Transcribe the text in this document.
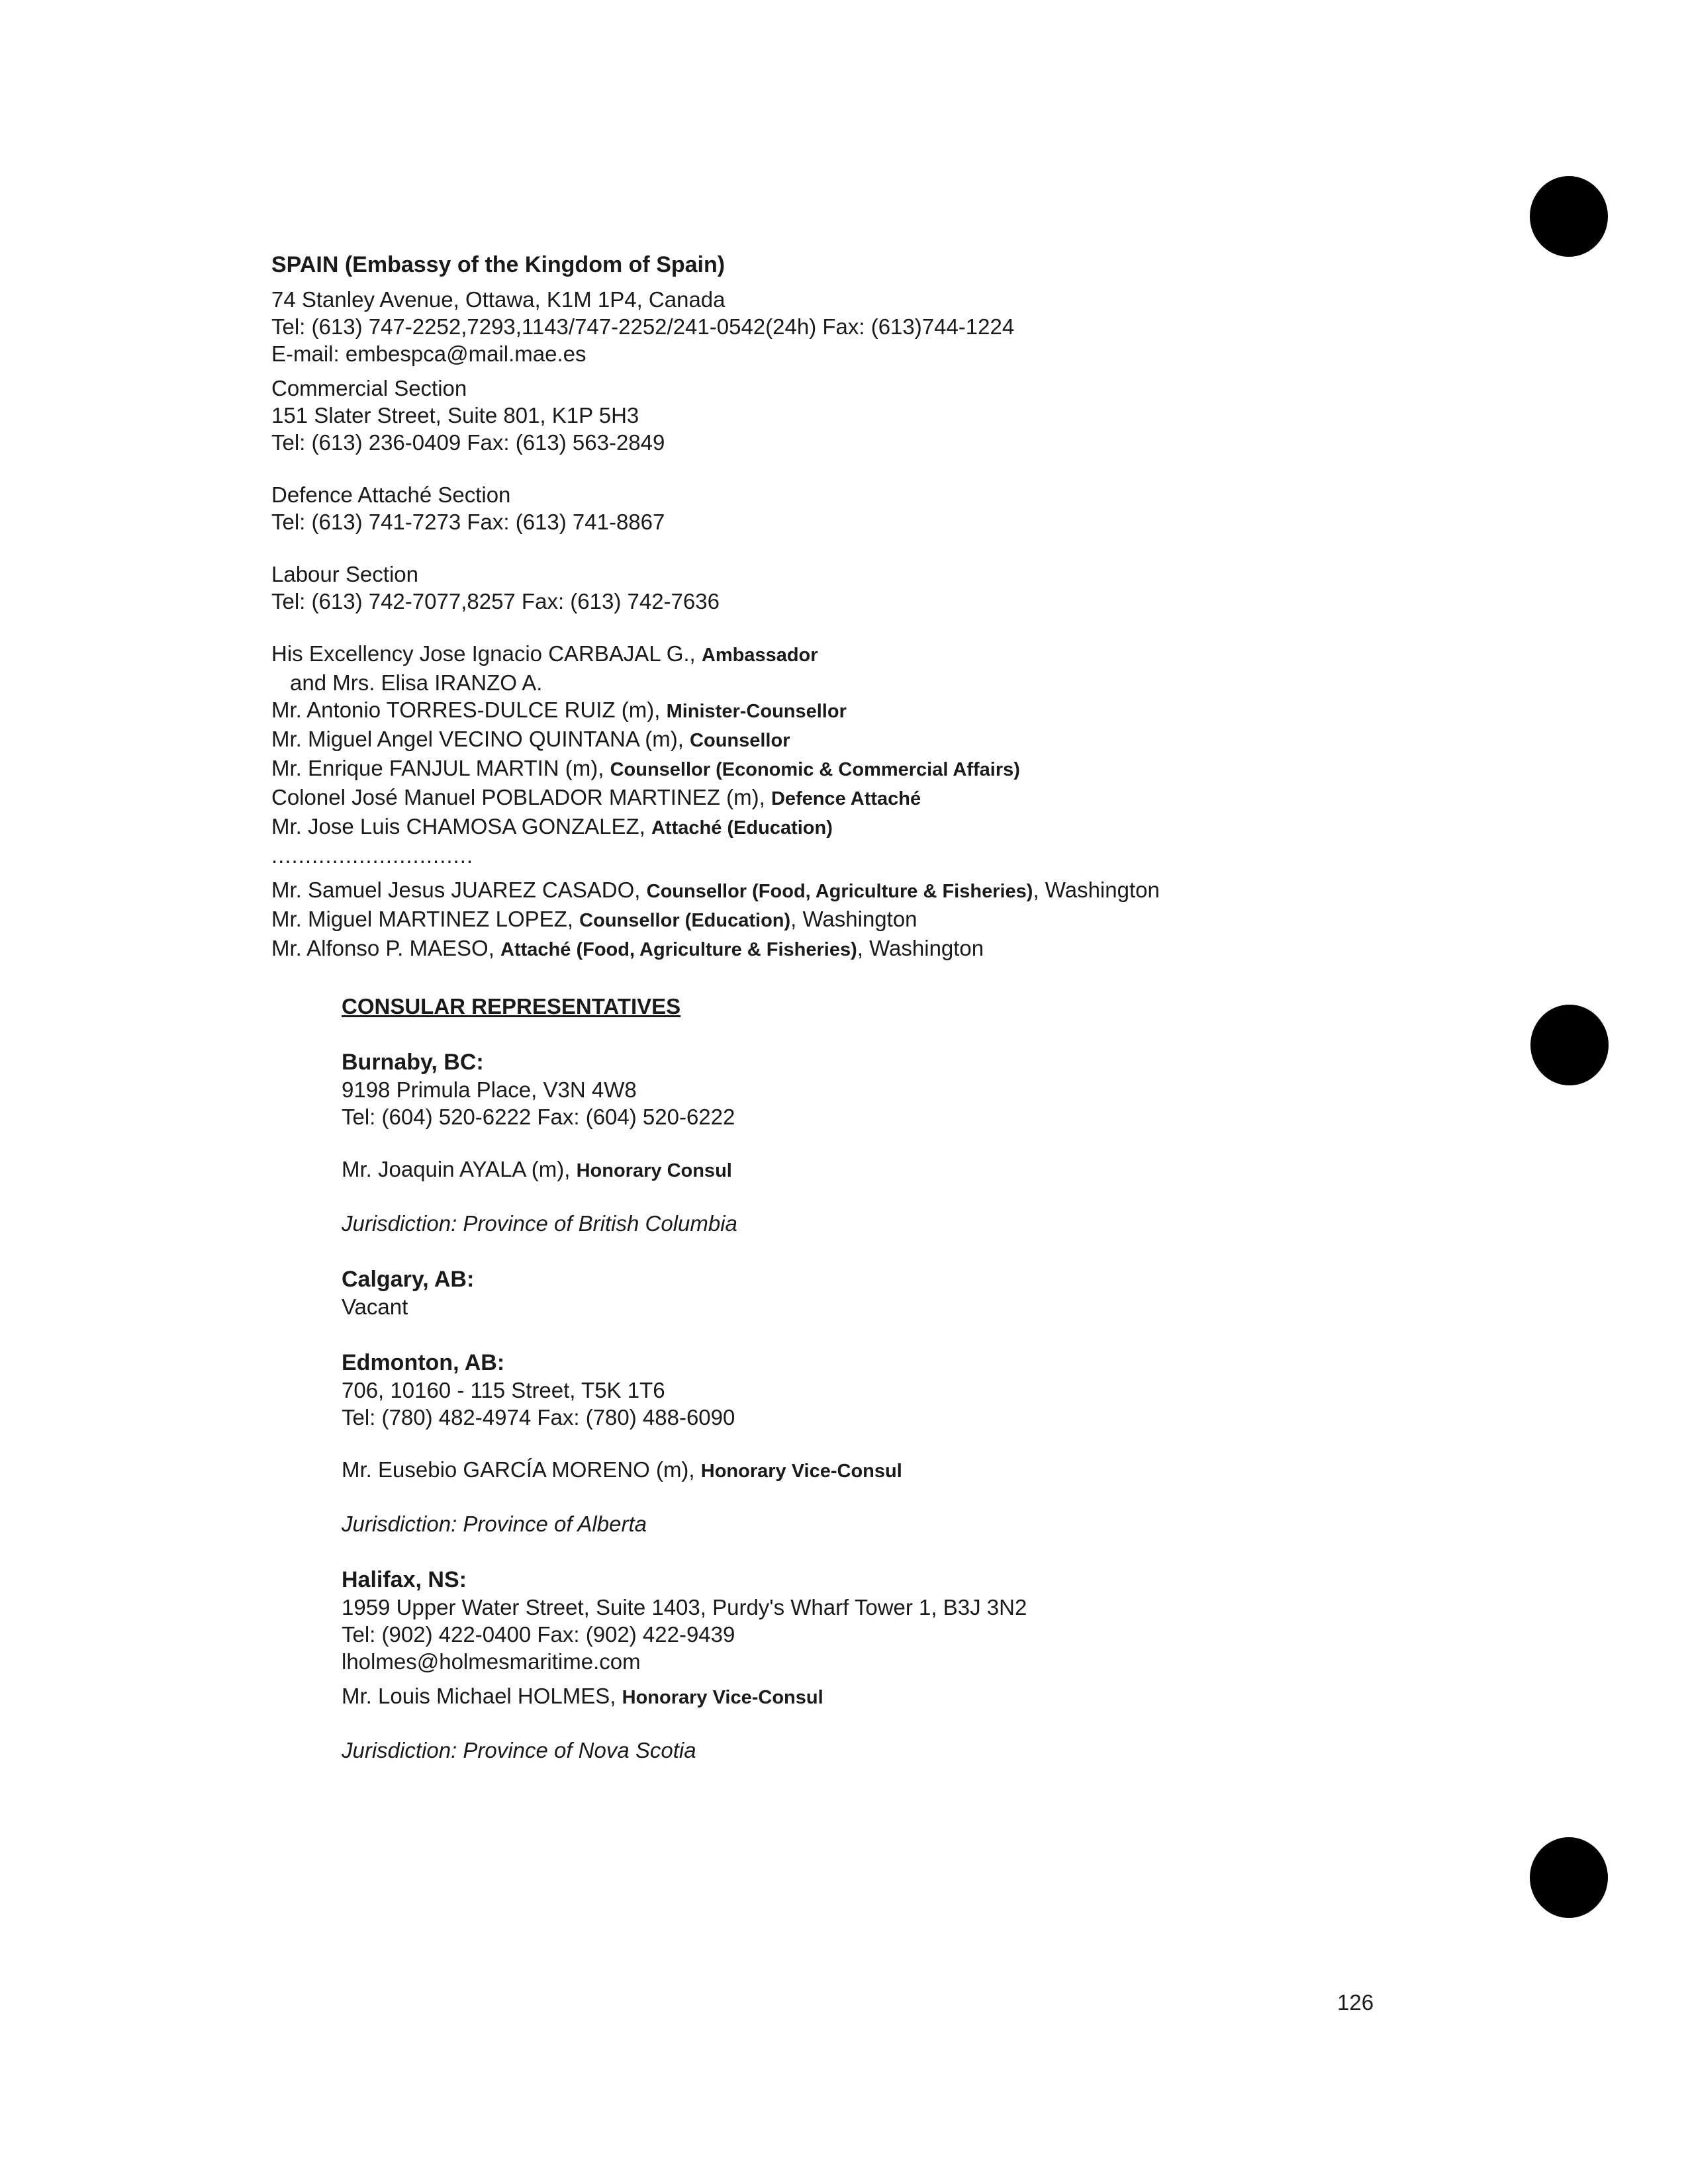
SPAIN (Embassy of the Kingdom of Spain)
74 Stanley Avenue, Ottawa, K1M 1P4, Canada
Tel: (613) 747-2252,7293,1143/747-2252/241-0542(24h) Fax: (613)744-1224
E-mail: embespca@mail.mae.es
Commercial Section
151 Slater Street, Suite 801, K1P 5H3
Tel: (613) 236-0409 Fax: (613) 563-2849
Defence Attaché Section
Tel: (613) 741-7273 Fax: (613) 741-8867
Labour Section
Tel: (613) 742-7077,8257 Fax: (613) 742-7636
His Excellency Jose Ignacio CARBAJAL G., Ambassador
and Mrs. Elisa IRANZO A.
Mr. Antonio TORRES-DULCE RUIZ (m), Minister-Counsellor
Mr. Miguel Angel VECINO QUINTANA (m), Counsellor
Mr. Enrique FANJUL MARTIN (m), Counsellor (Economic & Commercial Affairs)
Colonel José Manuel POBLADOR MARTINEZ (m), Defence Attaché
Mr. Jose Luis CHAMOSA GONZALEZ, Attaché (Education)
..............................
Mr. Samuel Jesus JUAREZ CASADO, Counsellor (Food, Agriculture & Fisheries), Washington
Mr. Miguel MARTINEZ LOPEZ, Counsellor (Education), Washington
Mr. Alfonso P. MAESO, Attaché (Food, Agriculture & Fisheries), Washington
CONSULAR REPRESENTATIVES
Burnaby, BC:
9198 Primula Place, V3N 4W8
Tel: (604) 520-6222 Fax: (604) 520-6222
Mr. Joaquin AYALA (m), Honorary Consul
Jurisdiction: Province of British Columbia
Calgary, AB:
Vacant
Edmonton, AB:
706, 10160 - 115 Street, T5K 1T6
Tel: (780) 482-4974 Fax: (780) 488-6090
Mr. Eusebio GARCÍA MORENO (m), Honorary Vice-Consul
Jurisdiction: Province of Alberta
Halifax, NS:
1959 Upper Water Street, Suite 1403, Purdy's Wharf Tower 1, B3J 3N2
Tel: (902) 422-0400 Fax: (902) 422-9439
lholmes@holmesmaritime.com
Mr. Louis Michael HOLMES, Honorary Vice-Consul
Jurisdiction: Province of Nova Scotia
126
